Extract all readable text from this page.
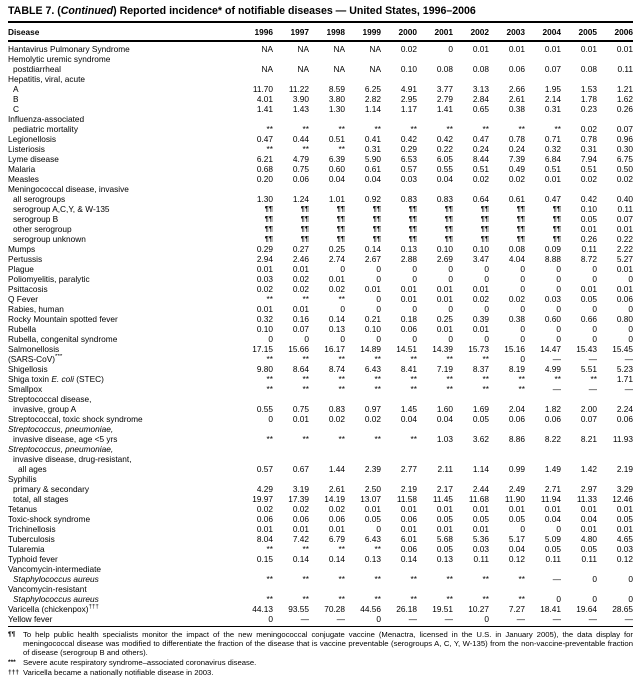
TABLE 7. (Continued) Reported incidence* of notifiable diseases — United States, 1996–2006
Disease	1996	1997	1998	1999	2000	2001	2002	2003	2004	2005	2006
Hantavirus Pulmonary Syndrome	NA	NA	NA	NA	0.02	0	0.01	0.01	0.01	0.01	0.01
Hemolytic uremic syndrome											
postdiarrheal	NA	NA	NA	NA	0.10	0.08	0.08	0.06	0.07	0.08	0.11
Hepatitis, viral, acute											
A	11.70	11.22	8.59	6.25	4.91	3.77	3.13	2.66	1.95	1.53	1.21
B	4.01	3.90	3.80	2.82	2.95	2.79	2.84	2.61	2.14	1.78	1.62
C	1.41	1.43	1.30	1.14	1.17	1.41	0.65	0.38	0.31	0.23	0.26
Influenza-associated											
pediatric mortality	**	**	**	**	**	**	**	**	**	0.02	0.07
Legionellosis	0.47	0.44	0.51	0.41	0.42	0.42	0.47	0.78	0.71	0.78	0.96
Listeriosis	**	**	**	0.31	0.29	0.22	0.24	0.24	0.32	0.31	0.30
Lyme disease	6.21	4.79	6.39	5.90	6.53	6.05	8.44	7.39	6.84	7.94	6.75
Malaria	0.68	0.75	0.60	0.61	0.57	0.55	0.51	0.49	0.51	0.51	0.50
Measles	0.20	0.06	0.04	0.04	0.03	0.04	0.02	0.02	0.01	0.02	0.02
Meningococcal disease, invasive											
all serogroups	1.30	1.24	1.01	0.92	0.83	0.83	0.64	0.61	0.47	0.42	0.40
serogroup A,C,Y, & W-135	¶¶	¶¶	¶¶	¶¶	¶¶	¶¶	¶¶	¶¶	¶¶	0.10	0.11
serogroup B	¶¶	¶¶	¶¶	¶¶	¶¶	¶¶	¶¶	¶¶	¶¶	0.05	0.07
other serogroup	¶¶	¶¶	¶¶	¶¶	¶¶	¶¶	¶¶	¶¶	¶¶	0.01	0.01
serogroup unknown	¶¶	¶¶	¶¶	¶¶	¶¶	¶¶	¶¶	¶¶	¶¶	0.26	0.22
Mumps	0.29	0.27	0.25	0.14	0.13	0.10	0.10	0.08	0.09	0.11	2.22
Pertussis	2.94	2.46	2.74	2.67	2.88	2.69	3.47	4.04	8.88	8.72	5.27
Plague	0.01	0.01	0	0	0	0	0	0	0	0	0.01
Poliomyelitis, paralytic	0.03	0.02	0.01	0	0	0	0	0	0	0	0
Psittacosis	0.02	0.02	0.02	0.01	0.01	0.01	0.01	0	0	0.01	0.01
Q Fever	**	**	**	0	0.01	0.01	0.02	0.02	0.03	0.05	0.06
Rabies, human	0.01	0.01	0	0	0	0	0	0	0	0	0
Rocky Mountain spotted fever	0.32	0.16	0.14	0.21	0.18	0.25	0.39	0.38	0.60	0.66	0.80
Rubella	0.10	0.07	0.13	0.10	0.06	0.01	0.01	0	0	0	0
Rubella, congenital syndrome	0	0	0	0	0	0	0	0	0	0	0
Salmonellosis	17.15	15.66	16.17	14.89	14.51	14.39	15.73	15.16	14.47	15.43	15.45
(SARS-CoV)***	**	**	**	**	**	**	**	0	—	—	—
Shigellosis	9.80	8.64	8.74	6.43	8.41	7.19	8.37	8.19	4.99	5.51	5.23
Shiga toxin E. coli (STEC)	**	**	**	**	**	**	**	**	**	**	1.71
Smallpox	**	**	**	**	**	**	**	**	—	—	—
Streptococcal disease,											
invasive, group A	0.55	0.75	0.83	0.97	1.45	1.60	1.69	2.04	1.82	2.00	2.24
Streptococcal, toxic shock syndrome	0	0.01	0.02	0.02	0.04	0.04	0.05	0.06	0.06	0.07	0.06
Streptococcus, pneumoniae,											
invasive disease, age <5 yrs	**	**	**	**	**	1.03	3.62	8.86	8.22	8.21	11.93
Streptococcus, pneumoniae,											
invasive disease, drug-resistant,											
all ages	0.57	0.67	1.44	2.39	2.77	2.11	1.14	0.99	1.49	1.42	2.19
Syphilis											
primary & secondary	4.29	3.19	2.61	2.50	2.19	2.17	2.44	2.49	2.71	2.97	3.29
total, all stages	19.97	17.39	14.19	13.07	11.58	11.45	11.68	11.90	11.94	11.33	12.46
Tetanus	0.02	0.02	0.02	0.01	0.01	0.01	0.01	0.01	0.01	0.01	0.01
Toxic-shock syndrome	0.06	0.06	0.06	0.05	0.06	0.05	0.05	0.05	0.04	0.04	0.05
Trichinellosis	0.01	0.01	0.01	0	0.01	0.01	0.01	0	0	0.01	0.01
Tuberculosis	8.04	7.42	6.79	6.43	6.01	5.68	5.36	5.17	5.09	4.80	4.65
Tularemia	**	**	**	**	0.06	0.05	0.03	0.04	0.05	0.05	0.03
Typhoid fever	0.15	0.14	0.14	0.13	0.14	0.13	0.11	0.12	0.11	0.11	0.12
Vancomycin-intermediate											
Staphylococcus aureus	**	**	**	**	**	**	**	**	—	0	0
Vancomycin-resistant											
Staphylococcus aureus	**	**	**	**	**	**	**	**	0	0	0
Varicella (chickenpox)†††	44.13	93.55	70.28	44.56	26.18	19.51	10.27	7.27	18.41	19.64	28.65
Yellow fever	0	—	—	0	—	—	0	—	—	—	—
¶¶ To help public health specialists monitor the impact of the new meningococcal conjugate vaccine (Menactra, licensed in the U.S. in January 2005), the data display for meningococcal disease was modified to differentiate the fraction of the disease that is vaccine preventable (serogroups A, C, Y, W-135) from the non-vaccine-preventable fraction of disease (serogroup B and others).
*** Severe acute respiratory syndrome–associated coronavirus disease.
††† Varicella became a nationally notifiable disease in 2003.
